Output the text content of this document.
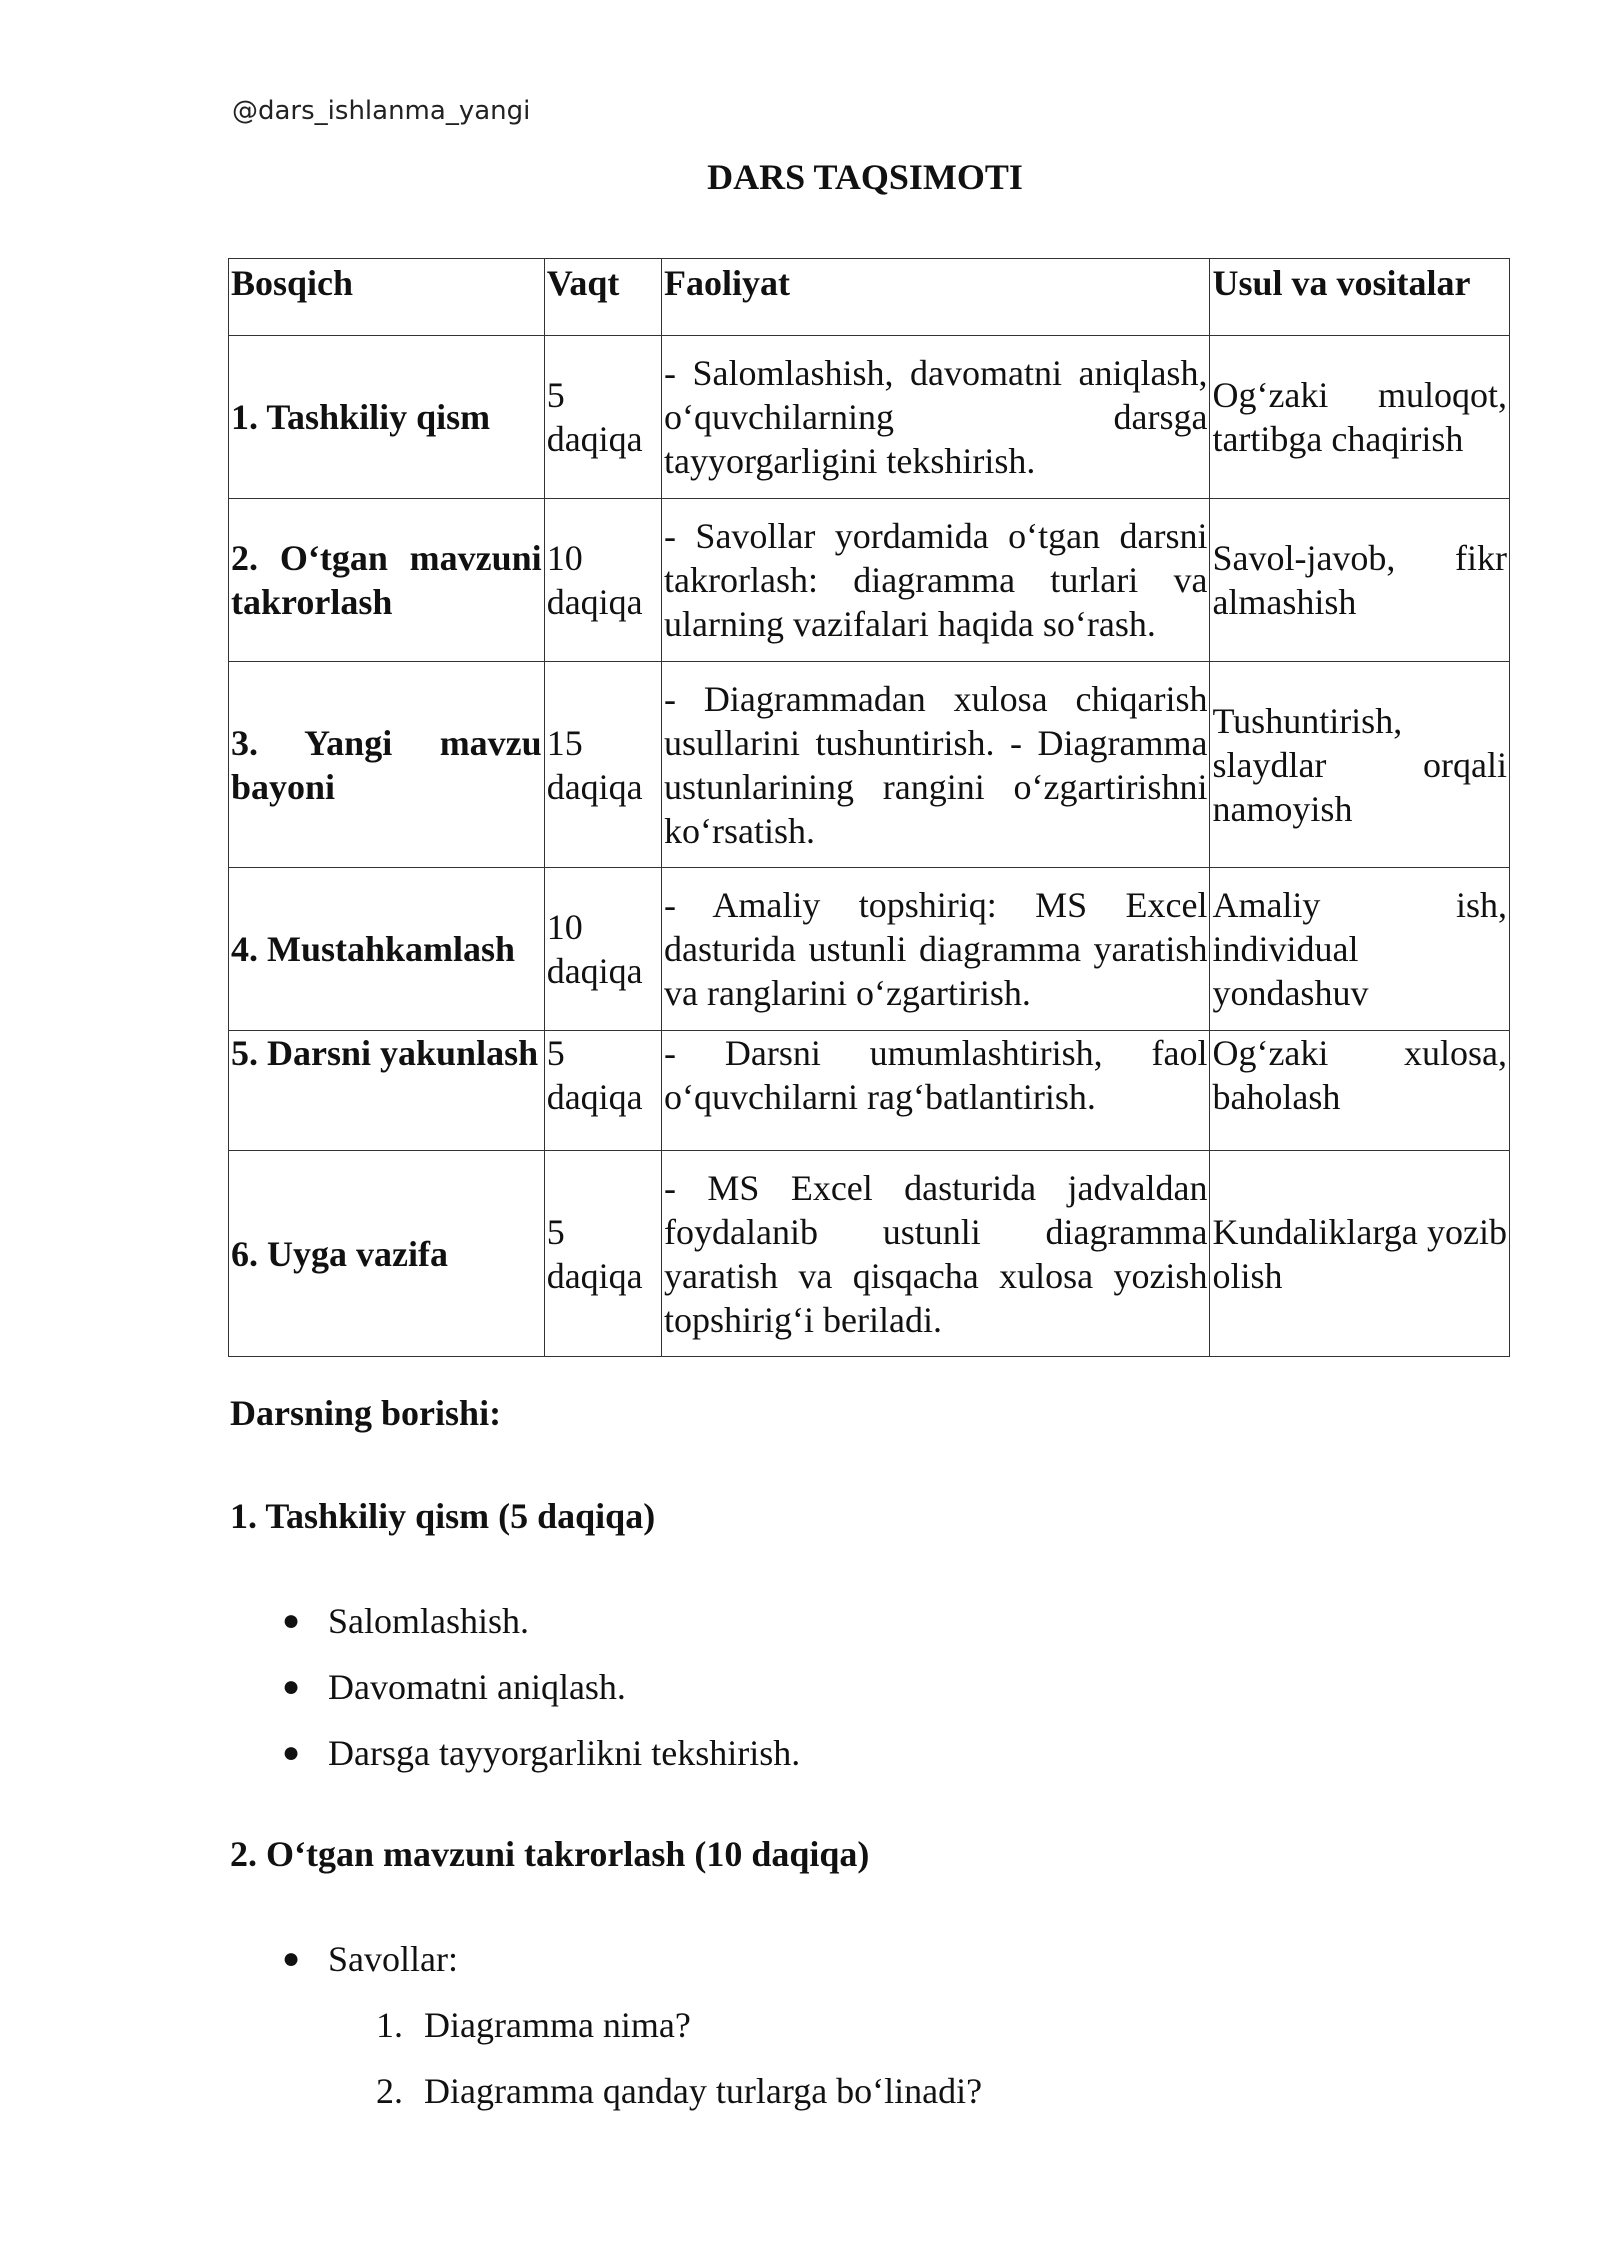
@dars_ishlanma_yangi
DARS TAQSIMOTI
Bosqich	Vaqt	Faoliyat	Usul va vositalar
1. Tashkiliy qism	5 daqiqa	- Salomlashish, davomatni aniqlash, o‘quvchilarning darsga tayyorgarligini tekshirish.	Og‘zaki muloqot, tartibga chaqirish
2. O‘tgan mavzuni takrorlash	10 daqiqa	- Savollar yordamida o‘tgan darsni takrorlash: diagramma turlari va ularning vazifalari haqida so‘rash.	Savol-javob, fikr almashish
3. Yangi mavzu bayoni	15 daqiqa	- Diagrammadan xulosa chiqarish usullarini tushuntirish. - Diagramma ustunlarining rangini o‘zgartirishni ko‘rsatish.	Tushuntirish, slaydlar orqali namoyish
4. Mustahkamlash	10 daqiqa	- Amaliy topshiriq: MS Excel dasturida ustunli diagramma yaratish va ranglarini o‘zgartirish.	Amaliy ish, individual yondashuv
5. Darsni yakunlash	5 daqiqa	- Darsni umumlashtirish, faol o‘quvchilarni rag‘batlantirish.	Og‘zaki xulosa, baholash
6. Uyga vazifa	5 daqiqa	- MS Excel dasturida jadvaldan foydalanib ustunli diagramma yaratish va qisqacha xulosa yozish topshirig‘i beriladi.	Kundaliklarga yozib olish
Darsning borishi:
1. Tashkiliy qism (5 daqiqa)
● Salomlashish.
● Davomatni aniqlash.
● Darsga tayyorgarlikni tekshirish.
2. O‘tgan mavzuni takrorlash (10 daqiqa)
● Savollar:
1. Diagramma nima?
2. Diagramma qanday turlarga bo‘linadi?
